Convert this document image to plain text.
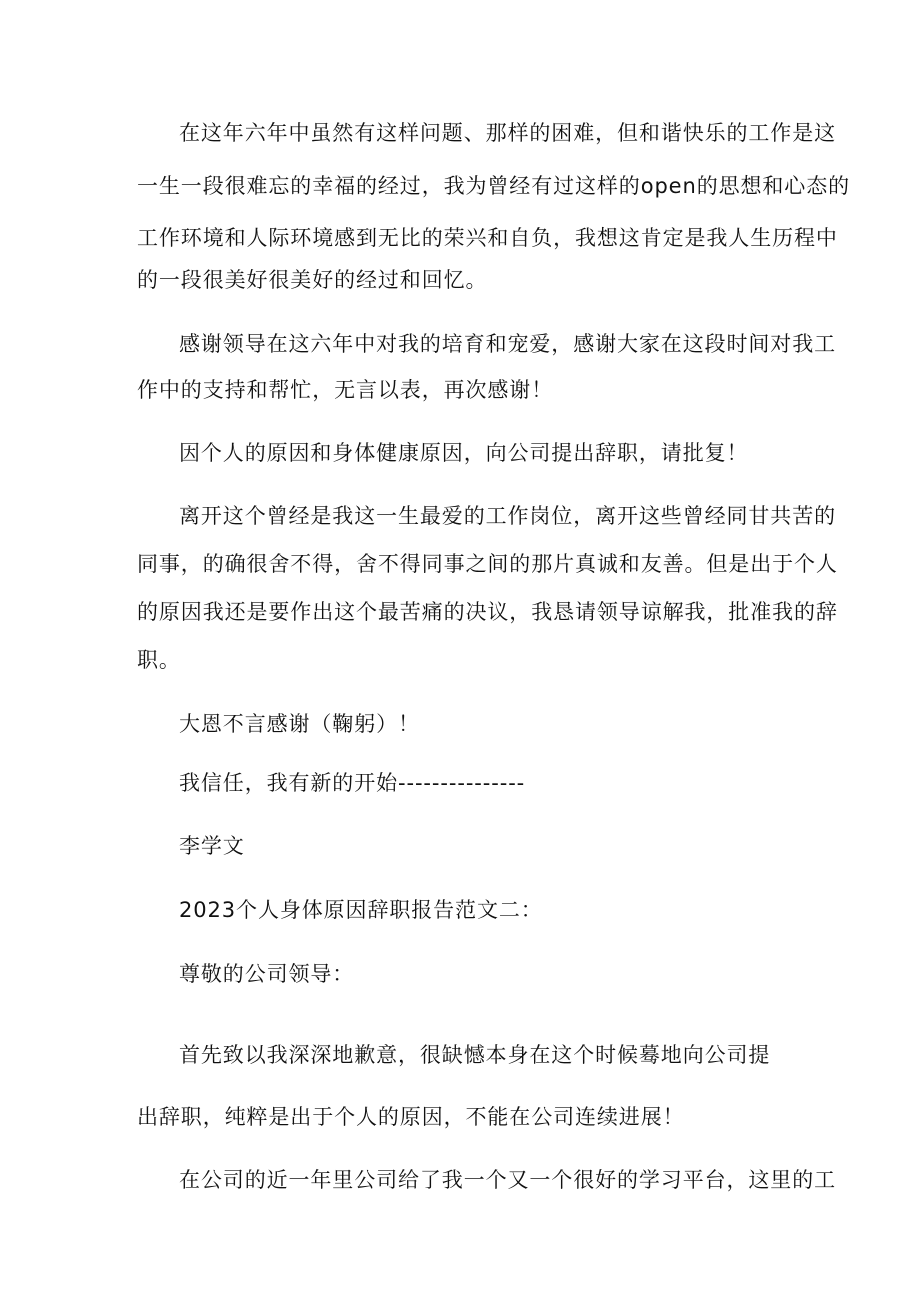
在这年六年中虽然有这样问题、那样的困难，但和谐快乐的工作是这

一生一段很难忘的幸福的经过，我为曾经有过这样的open的思想和心态的

工作环境和人际环境感到无比的荣兴和自负，我想这肯定是我人生历程中

的一段很美好很美好的经过和回忆。

感谢领导在这六年中对我的培育和宠爱，感谢大家在这段时间对我工

作中的支持和帮忙，无言以表，再次感谢！

因个人的原因和身体健康原因，向公司提出辞职，请批复！

离开这个曾经是我这一生最爱的工作岗位，离开这些曾经同甘共苦的

同事，的确很舍不得，舍不得同事之间的那片真诚和友善。但是出于个人

的原因我还是要作出这个最苦痛的决议，我恳请领导谅解我，批准我的辞

职。

大恩不言感谢（鞠躬）！

我信任，我有新的开始---------------

李学文

2023个人身体原因辞职报告范文二：

尊敬的公司领导：

首先致以我深深地歉意，很缺憾本身在这个时候蓦地向公司提

出辞职，纯粹是出于个人的原因，不能在公司连续进展！

在公司的近一年里公司给了我一个又一个很好的学习平台，这里的工
